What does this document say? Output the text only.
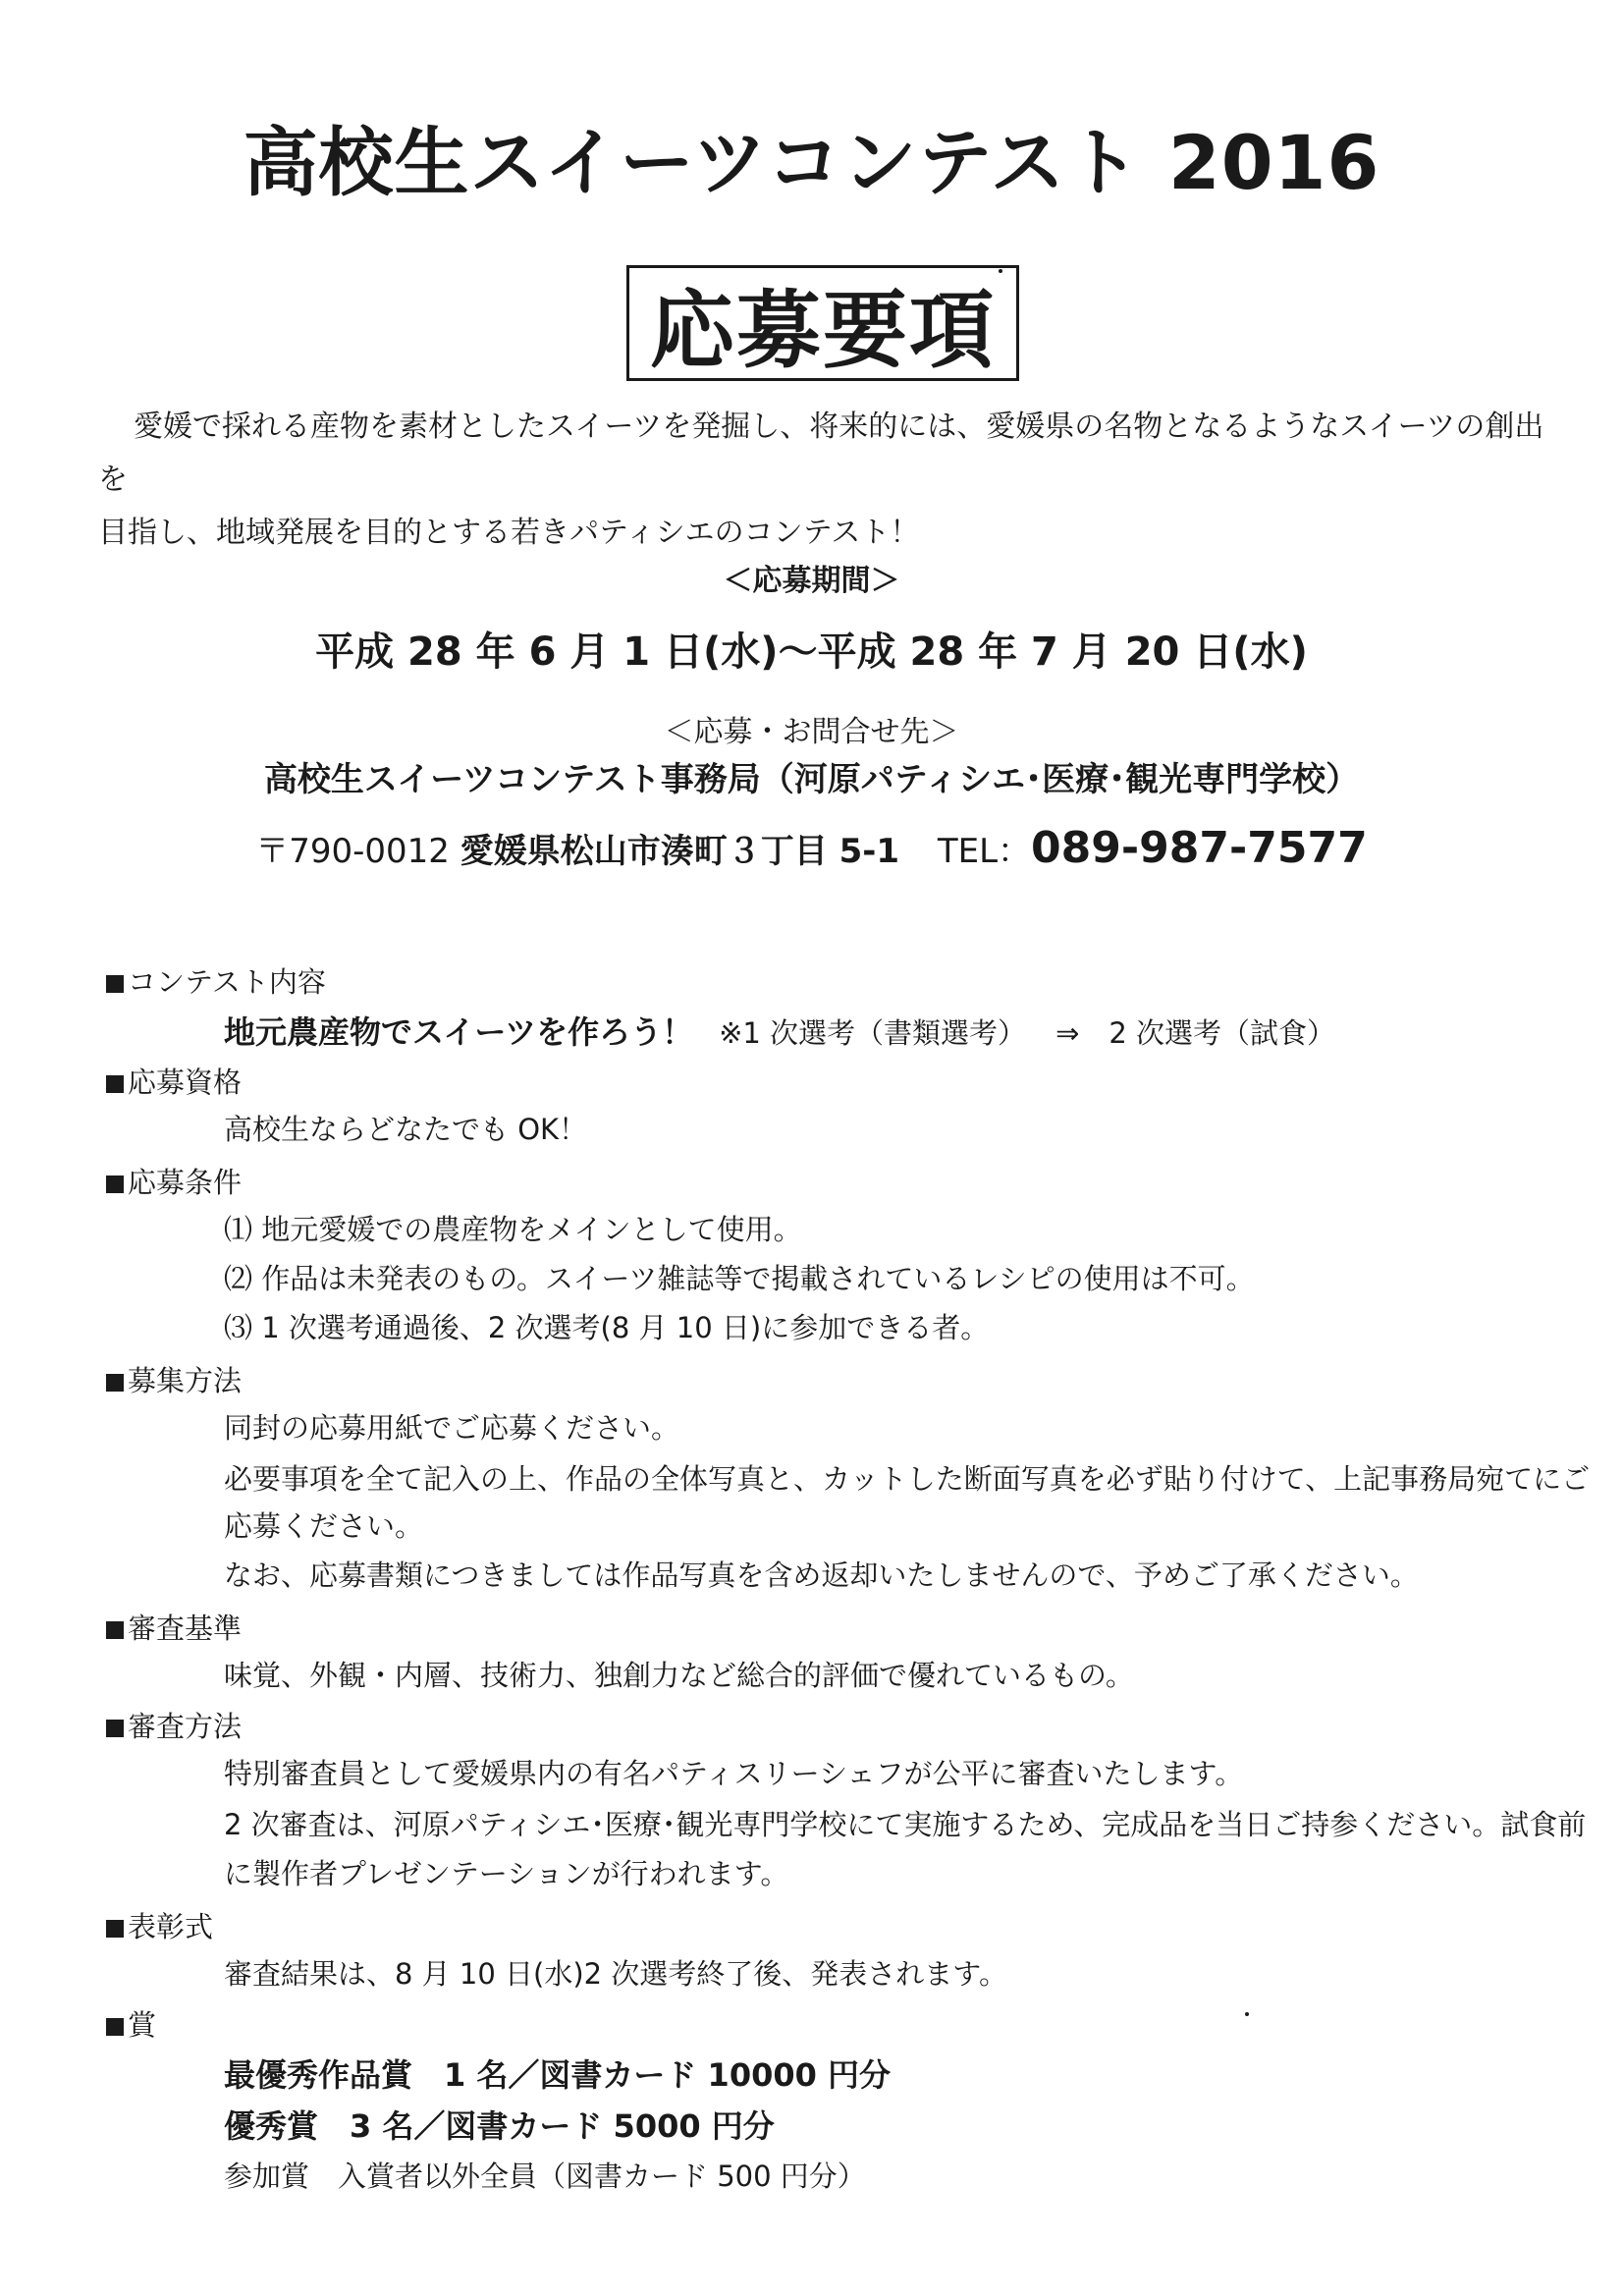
高校生スイーツコンテスト 2016
応募要項
愛媛で採れる産物を素材としたスイーツを発掘し、将来的には、愛媛県の名物となるようなスイーツの創出を
目指し、地域発展を目的とする若きパティシエのコンテスト！
＜応募期間＞
平成 28 年 6 月 1 日(水)～平成 28 年 7 月 20 日(水)
＜応募・お問合せ先＞
高校生スイーツコンテスト事務局（河原パティシエ･医療･観光専門学校）
〒790-0012 愛媛県松山市湊町３丁目 5-1 TEL：089-987-7577
コンテスト内容
地元農産物でスイーツを作ろう！ ※1 次選考（書類選考） ⇒ 2 次選考（試食）
応募資格
高校生ならどなたでも OK！
応募条件
⑴ 地元愛媛での農産物をメインとして使用。
⑵ 作品は未発表のもの。スイーツ雑誌等で掲載されているレシピの使用は不可。
⑶ 1 次選考通過後、2 次選考(8 月 10 日)に参加できる者。
募集方法
同封の応募用紙でご応募ください。
必要事項を全て記入の上、作品の全体写真と、カットした断面写真を必ず貼り付けて、上記事務局宛てにご
応募ください。
なお、応募書類につきましては作品写真を含め返却いたしませんので、予めご了承ください。
審査基準
味覚、外観・内層、技術力、独創力など総合的評価で優れているもの。
審査方法
特別審査員として愛媛県内の有名パティスリーシェフが公平に審査いたします。
2 次審査は、河原パティシエ･医療･観光専門学校にて実施するため、完成品を当日ご持参ください。試食前
に製作者プレゼンテーションが行われます。
表彰式
審査結果は、8 月 10 日(水)2 次選考終了後、発表されます。
賞
最優秀作品賞　1 名／図書カード 10000 円分
優秀賞　3 名／図書カード 5000 円分
参加賞　入賞者以外全員（図書カード 500 円分）
